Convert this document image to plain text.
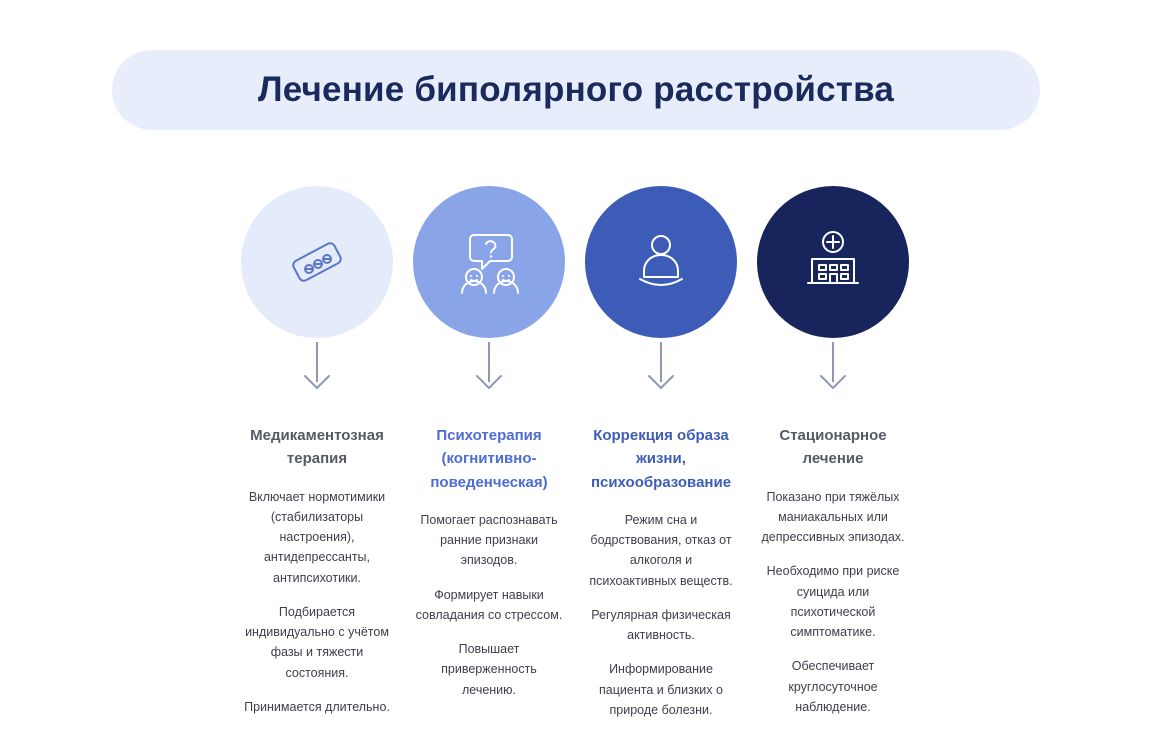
Лечение биполярного расстройства
Медикаментозная терапия

Включает нормотимики (стабилизаторы настроения), антидепрессанты, антипсихотики.

Подбирается индивидуально с учётом фазы и тяжести состояния.

Принимается длительно.

Психотерапия (когнитивно-поведенческая)

Помогает распознавать ранние признаки эпизодов.

Формирует навыки совладания со стрессом.

Повышает приверженность лечению.

Коррекция образа жизни, психообразование

Режим сна и бодрствования, отказ от алкоголя и психоактивных веществ.

Регулярная физическая активность.

Информирование пациента и близких о природе болезни.

Стационарное лечение

Показано при тяжёлых маниакальных или депрессивных эпизодах.

Необходимо при риске суицида или психотической симптоматике.

Обеспечивает круглосуточное наблюдение.
